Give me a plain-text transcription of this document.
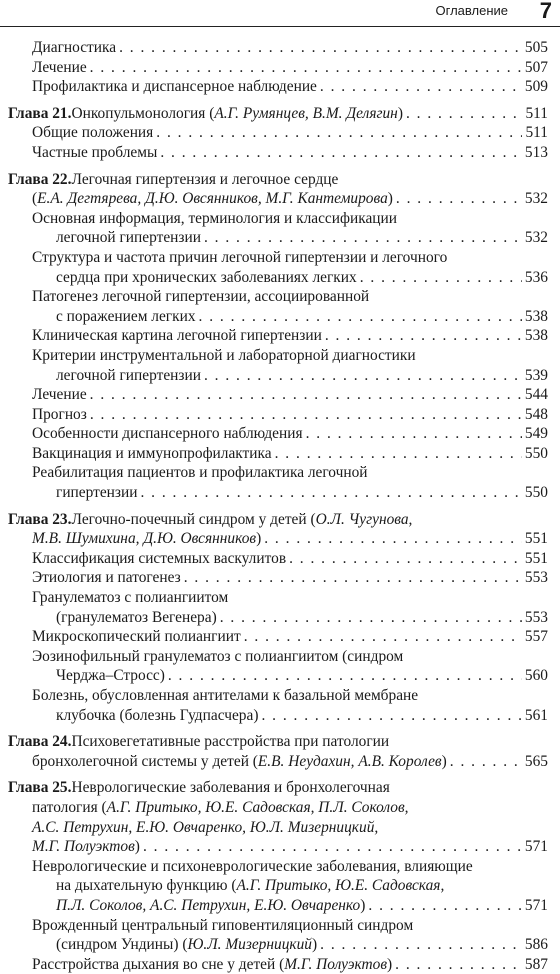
Оглавление 7
Диагностика . . .	505
Лечение . . .	507
Профилактика и диспансерное наблюдение . . .	509
Глава 21. Онкопульмонология ( А.Г. Румянцев, В.М. Делягин ) . . .	511
Общие положения . . .	511
Частные проблемы . . .	513
Глава 22. Легочная гипертензия и легочное сердце
( Е.А. Дегтярева, Д.Ю. Овсянников, М.Г. Кантемирова ) . . .	532
Основная информация, терминология и классификации
легочной гипертензии . . .	532
Структура и частота причин легочной гипертензии и легочного
сердца при хронических заболеваниях легких . . .	536
Патогенез легочной гипертензии, ассоциированной
с поражением легких . . .	538
Клиническая картина легочной гипертензии . . .	538
Критерии инструментальной и лабораторной диагностики
легочной гипертензии . . .	539
Лечение . . .	544
Прогноз . . .	548
Особенности диспансерного наблюдения . . .	549
Вакцинация и иммунопрофилактика . . .	550
Реабилитация пациентов и профилактика легочной
гипертензии . . .	550
Глава 23. Легочно-почечный синдром у детей ( О.Л. Чугунова,
М.В. Шумихина, Д.Ю. Овсянников ) . . .	551
Классификация системных васкулитов . . .	551
Этиология и патогенез . . .	553
Гранулематоз с полиангиитом
(гранулематоз Вегенера) . . .	553
Микроскопический полиангиит . . .	557
Эозинофильный гранулематоз с полиангиитом (синдром
Черджа–Стросс) . . .	560
Болезнь, обусловленная антителами к базальной мембране
клубочка (болезнь Гудпасчера) . . .	561
Глава 24. Психовегетативные расстройства при патологии
бронхолегочной системы у детей ( Е.В. Неудахин, А.В. Королев ) . . .	565
Глава 25. Неврологические заболевания и бронхолегочная
патология ( А.Г. Притыко, Ю.Е. Садовская, П.Л. Соколов,
А.С. Петрухин, Е.Ю. Овчаренко, Ю.Л. Мизерницкий,
М.Г. Полуэктов ) . . .	571
Неврологические и психоневрологические заболевания, влияющие
на дыхательную функцию ( А.Г. Притыко, Ю.Е. Садовская,
П.Л. Соколов, А.С. Петрухин, Е.Ю. Овчаренко ) . . .	571
Врожденный центральный гиповентиляционный синдром
(синдром Ундины) ( Ю.Л. Мизерницкий ) . . .	586
Расстройства дыхания во сне у детей ( М.Г. Полуэктов ) . . .	587
